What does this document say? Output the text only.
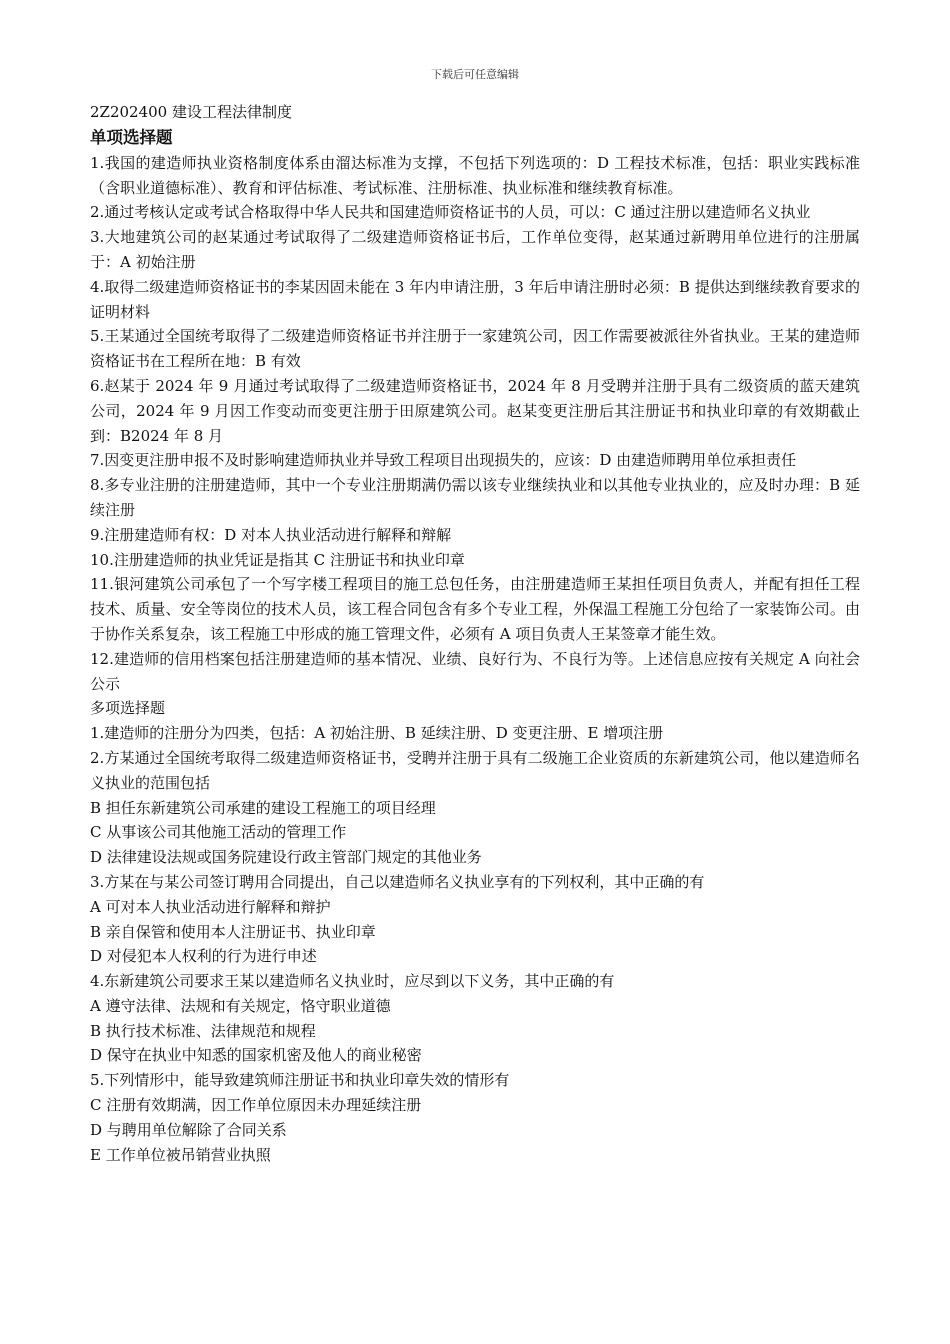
下载后可任意编辑

2Z202400 建设工程法律制度

单项选择题

1.我国的建造师执业资格制度体系由溜达标准为支撑，不包括下列选项的：D 工程技术标准，包括：职业实践标准（含职业道德标准）、教育和评估标准、考试标准、注册标准、执业标准和继续教育标准。

2.通过考核认定或考试合格取得中华人民共和国建造师资格证书的人员，可以：C 通过注册以建造师名义执业

3.大地建筑公司的赵某通过考试取得了二级建造师资格证书后，工作单位变得，赵某通过新聘用单位进行的注册属于：A 初始注册

4.取得二级建造师资格证书的李某因固未能在 3 年内申请注册，3 年后申请注册时必须：B 提供达到继续教育要求的证明材料

5.王某通过全国统考取得了二级建造师资格证书并注册于一家建筑公司，因工作需要被派往外省执业。王某的建造师资格证书在工程所在地：B 有效

6.赵某于 2024 年 9 月通过考试取得了二级建造师资格证书，2024 年 8 月受聘并注册于具有二级资质的蓝天建筑公司，2024 年 9 月因工作变动而变更注册于田原建筑公司。赵某变更注册后其注册证书和执业印章的有效期截止到：B2024 年 8 月

7.因变更注册申报不及时影响建造师执业并导致工程项目出现损失的，应该：D 由建造师聘用单位承担责任

8.多专业注册的注册建造师，其中一个专业注册期满仍需以该专业继续执业和以其他专业执业的，应及时办理：B 延续注册

9.注册建造师有权：D 对本人执业活动进行解释和辩解

10.注册建造师的执业凭证是指其 C 注册证书和执业印章

11.银河建筑公司承包了一个写字楼工程项目的施工总包任务，由注册建造师王某担任项目负责人，并配有担任工程技术、质量、安全等岗位的技术人员，该工程合同包含有多个专业工程，外保温工程施工分包给了一家装饰公司。由于协作关系复杂，该工程施工中形成的施工管理文件，必须有 A 项目负责人王某签章才能生效。

12.建造师的信用档案包括注册建造师的基本情况、业绩、良好行为、不良行为等。上述信息应按有关规定 A 向社会公示

多项选择题

1.建造师的注册分为四类，包括：A 初始注册、B 延续注册、D 变更注册、E 增项注册

2.方某通过全国统考取得二级建造师资格证书，受聘并注册于具有二级施工企业资质的东新建筑公司，他以建造师名义执业的范围包括

B 担任东新建筑公司承建的建设工程施工的项目经理

C 从事该公司其他施工活动的管理工作

D 法律建设法规或国务院建设行政主管部门规定的其他业务

3.方某在与某公司签订聘用合同提出，自己以建造师名义执业享有的下列权利，其中正确的有

A 可对本人执业活动进行解释和辩护

B 亲自保管和使用本人注册证书、执业印章

D 对侵犯本人权利的行为进行申述

4.东新建筑公司要求王某以建造师名义执业时，应尽到以下义务，其中正确的有

A 遵守法律、法规和有关规定，恪守职业道德

B 执行技术标准、法律规范和规程

D 保守在执业中知悉的国家机密及他人的商业秘密

5.下列情形中，能导致建筑师注册证书和执业印章失效的情形有

C 注册有效期满，因工作单位原因未办理延续注册

D 与聘用单位解除了合同关系

E 工作单位被吊销营业执照
